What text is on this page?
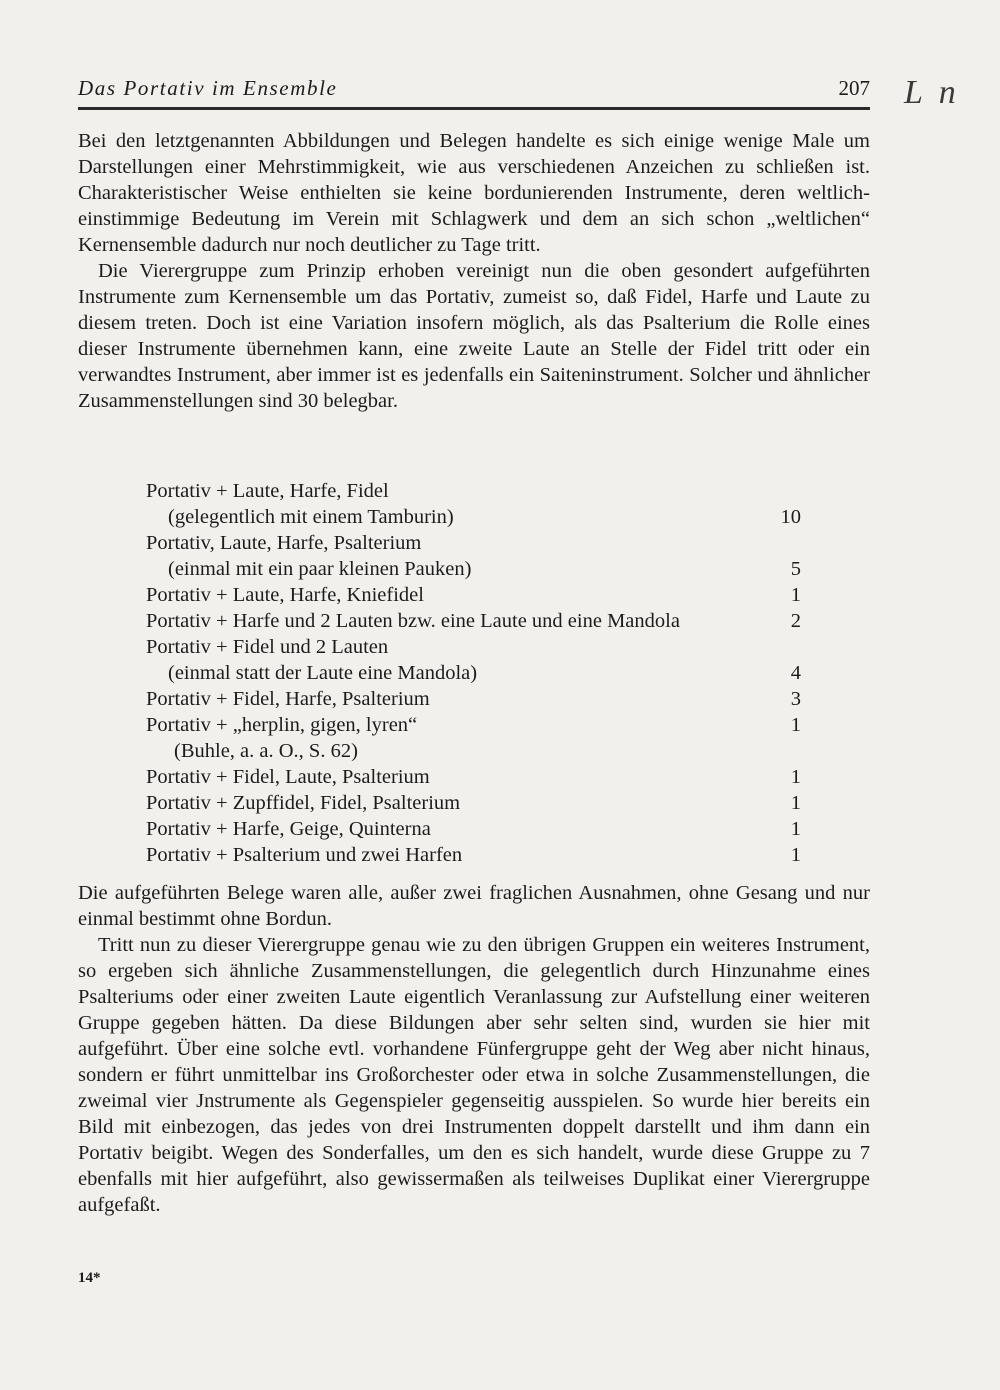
Das Portativ im Ensemble	207 L n

Bei den letztgenannten Abbildungen und Belegen handelte es sich einige wenige Male um Darstellungen einer Mehrstimmigkeit, wie aus verschiedenen Anzeichen zu schließen ist. Charakteristischer Weise enthielten sie keine bordunierenden Instrumente, deren weltlich-einstimmige Bedeutung im Verein mit Schlagwerk und dem an sich schon „weltlichen“ Kernensemble dadurch nur noch deutlicher zu Tage tritt.

Die Vierergruppe zum Prinzip erhoben vereinigt nun die oben gesondert aufgeführten Instrumente zum Kernensemble um das Portativ, zumeist so, daß Fidel, Harfe und Laute zu diesem treten. Doch ist eine Variation insofern möglich, als das Psalterium die Rolle eines dieser Instrumente übernehmen kann, eine zweite Laute an Stelle der Fidel tritt oder ein verwandtes Instrument, aber immer ist es jedenfalls ein Saiteninstrument. Solcher und ähnlicher Zusammenstellungen sind 30 belegbar.

Portativ + Laute, Harfe, Fidel
(gelegentlich mit einem Tamburin)	10
Portativ, Laute, Harfe, Psalterium
(einmal mit ein paar kleinen Pauken)	5
Portativ + Laute, Harfe, Kniefidel	1
Portativ + Harfe und 2 Lauten bzw. eine Laute und eine Mandola	2
Portativ + Fidel und 2 Lauten
(einmal statt der Laute eine Mandola)	4
Portativ + Fidel, Harfe, Psalterium	3
Portativ + „herplin, gigen, lyren“	1
(Buhle, a. a. O., S. 62)
Portativ + Fidel, Laute, Psalterium	1
Portativ + Zupffidel, Fidel, Psalterium	1
Portativ + Harfe, Geige, Quinterna	1
Portativ + Psalterium und zwei Harfen	1

Die aufgeführten Belege waren alle, außer zwei fraglichen Ausnahmen, ohne Gesang und nur einmal bestimmt ohne Bordun.

Tritt nun zu dieser Vierergruppe genau wie zu den übrigen Gruppen ein weiteres Instrument, so ergeben sich ähnliche Zusammenstellungen, die gelegentlich durch Hinzunahme eines Psalteriums oder einer zweiten Laute eigentlich Veranlassung zur Aufstellung einer weiteren Gruppe gegeben hätten. Da diese Bildungen aber sehr selten sind, wurden sie hier mit aufgeführt. Über eine solche evtl. vorhandene Fünfergruppe geht der Weg aber nicht hinaus, sondern er führt unmittelbar ins Großorchester oder etwa in solche Zusammenstellungen, die zweimal vier Jnstrumente als Gegenspieler gegenseitig ausspielen. So wurde hier bereits ein Bild mit einbezogen, das jedes von drei Instrumenten doppelt darstellt und ihm dann ein Portativ beigibt. Wegen des Sonderfalles, um den es sich handelt, wurde diese Gruppe zu 7 ebenfalls mit hier aufgeführt, also gewissermaßen als teilweises Duplikat einer Vierergruppe aufgefaßt.

14*
